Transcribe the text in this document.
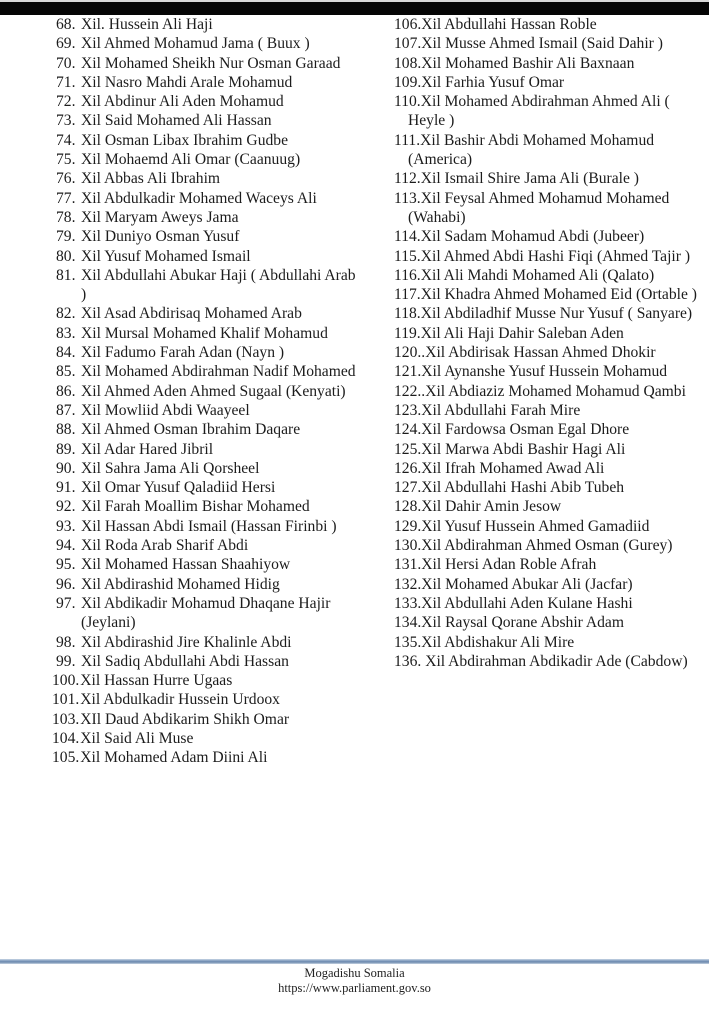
68. Xil. Hussein Ali Haji
69. Xil Ahmed Mohamud Jama ( Buux )
70. Xil Mohamed Sheikh Nur Osman Garaad
71. Xil Nasro Mahdi Arale Mohamud
72. Xil Abdinur Ali Aden Mohamud
73. Xil Said Mohamed Ali Hassan
74. Xil Osman Libax Ibrahim Gudbe
75. Xil Mohaemd Ali Omar (Caanuug)
76. Xil Abbas Ali Ibrahim
77. Xil Abdulkadir Mohamed Waceys Ali
78. Xil Maryam Aweys Jama
79. Xil Duniyo Osman Yusuf
80. Xil Yusuf Mohamed Ismail
81. Xil Abdullahi Abukar Haji ( Abdullahi Arab )
82. Xil Asad Abdirisaq Mohamed Arab
83. Xil Mursal Mohamed Khalif Mohamud
84. Xil Fadumo Farah Adan (Nayn )
85. Xil Mohamed Abdirahman Nadif Mohamed
86. Xil Ahmed Aden Ahmed Sugaal (Kenyati)
87. Xil Mowliid Abdi Waayeel
88. Xil Ahmed Osman Ibrahim Daqare
89. Xil Adar Hared Jibril
90. Xil Sahra Jama Ali Qorsheel
91. Xil Omar Yusuf Qaladiid Hersi
92. Xil Farah Moallim Bishar Mohamed
93. Xil Hassan Abdi Ismail (Hassan Firinbi )
94. Xil Roda Arab Sharif Abdi
95. Xil Mohamed Hassan Shaahiyow
96. Xil Abdirashid Mohamed Hidig
97. Xil Abdikadir Mohamud Dhaqane Hajir (Jeylani)
98. Xil Abdirashid Jire Khalinle Abdi
99. Xil Sadiq Abdullahi Abdi Hassan
100. Xil Hassan Hurre Ugaas
101. Xil Abdulkadir Hussein Urdoox
103. XIl Daud Abdikarim Shikh Omar
104. Xil Said Ali Muse
105. Xil Mohamed Adam Diini Ali
106.Xil Abdullahi Hassan Roble
107.Xil Musse Ahmed Ismail (Said Dahir )
108.Xil Mohamed Bashir Ali Baxnaan
109.Xil Farhia Yusuf Omar
110.Xil Mohamed Abdirahman Ahmed Ali ( Heyle )
111.Xil Bashir Abdi Mohamed Mohamud (America)
112.Xil Ismail Shire Jama Ali (Burale )
113.Xil Feysal Ahmed Mohamud Mohamed (Wahabi)
114.Xil Sadam Mohamud Abdi (Jubeer)
115.Xil Ahmed Abdi Hashi Fiqi (Ahmed Tajir )
116.Xil Ali Mahdi Mohamed Ali (Qalato)
117.Xil Khadra Ahmed Mohamed Eid (Ortable )
118.Xil Abdiladhif Musse Nur Yusuf ( Sanyare)
119.Xil Ali Haji Dahir Saleban Aden
120..Xil Abdirisak Hassan Ahmed Dhokir
121.Xil Aynanshe Yusuf Hussein Mohamud
122..Xil Abdiaziz Mohamed Mohamud Qambi
123.Xil Abdullahi Farah Mire
124.Xil Fardowsa Osman Egal Dhore
125.Xil Marwa Abdi Bashir Hagi Ali
126.Xil Ifrah Mohamed Awad Ali
127.Xil Abdullahi Hashi Abib Tubeh
128.Xil Dahir Amin Jesow
129.Xil Yusuf Hussein Ahmed Gamadiid
130.Xil Abdirahman Ahmed Osman (Gurey)
131.Xil Hersi Adan Roble Afrah
132.Xil Mohamed Abukar Ali (Jacfar)
133.Xil Abdullahi Aden Kulane Hashi
134.Xil Raysal Qorane Abshir Adam
135.Xil Abdishakur Ali Mire
136. Xil Abdirahman Abdikadir Ade (Cabdow)
Mogadishu Somalia
https://www.parliament.gov.so
